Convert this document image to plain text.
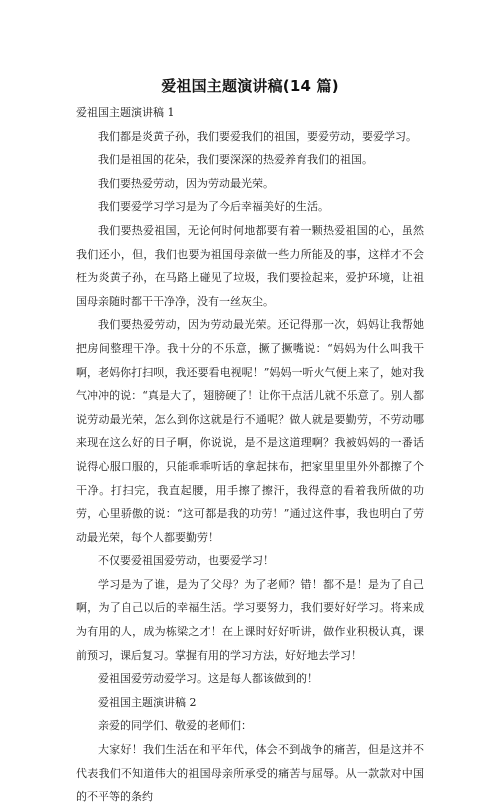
爱祖国主题演讲稿(14 篇)

爱祖国主题演讲稿 1

我们都是炎黄子孙，我们要爱我们的祖国，要爱劳动，要爱学习。

我们是祖国的花朵，我们要深深的热爱养育我们的祖国。

我们要热爱劳动，因为劳动最光荣。

我们要爱学习学习是为了今后幸福美好的生活。

我们要热爱祖国，无论何时何地都要有着一颗热爱祖国的心，虽然我们还小，但，我们也要为祖国母亲做一些力所能及的事，这样才不会枉为炎黄子孙，在马路上碰见了垃圾，我们要捡起来，爱护环境，让祖国母亲随时都干干净净，没有一丝灰尘。

我们要热爱劳动，因为劳动最光荣。还记得那一次，妈妈让我帮她把房间整理干净。我十分的不乐意，撅了撅嘴说：“妈妈为什么叫我干啊，老妈你打扫呗，我还要看电视呢！”妈妈一听火气便上来了，她对我气冲冲的说：“真是大了，翅膀硬了！让你干点活儿就不乐意了。别人都说劳动最光荣，怎么到你这就是行不通呢？做人就是要勤劳，不劳动哪来现在这么好的日子啊，你说说，是不是这道理啊？我被妈妈的一番话说得心服口服的，只能乖乖听话的拿起抹布，把家里里里外外都擦了个干净。打扫完，我直起腰，用手擦了擦汗，我得意的看着我所做的功劳，心里骄傲的说：“这可都是我的功劳！”通过这件事，我也明白了劳动最光荣，每个人都要勤劳！

不仅要爱祖国爱劳动，也要爱学习！

学习是为了谁，是为了父母？为了老师？错！都不是！是为了自己啊，为了自己以后的幸福生活。学习要努力，我们要好好学习。将来成为有用的人，成为栋梁之才！在上课时好好听讲，做作业积极认真，课前预习，课后复习。掌握有用的学习方法，好好地去学习！

爱祖国爱劳动爱学习。这是每人都该做到的！

爱祖国主题演讲稿 2

亲爱的同学们、敬爱的老师们：

大家好！我们生活在和平年代，体会不到战争的痛苦，但是这并不代表我们不知道伟大的祖国母亲所承受的痛苦与屈辱。从一款款对中国的不平等的条约
